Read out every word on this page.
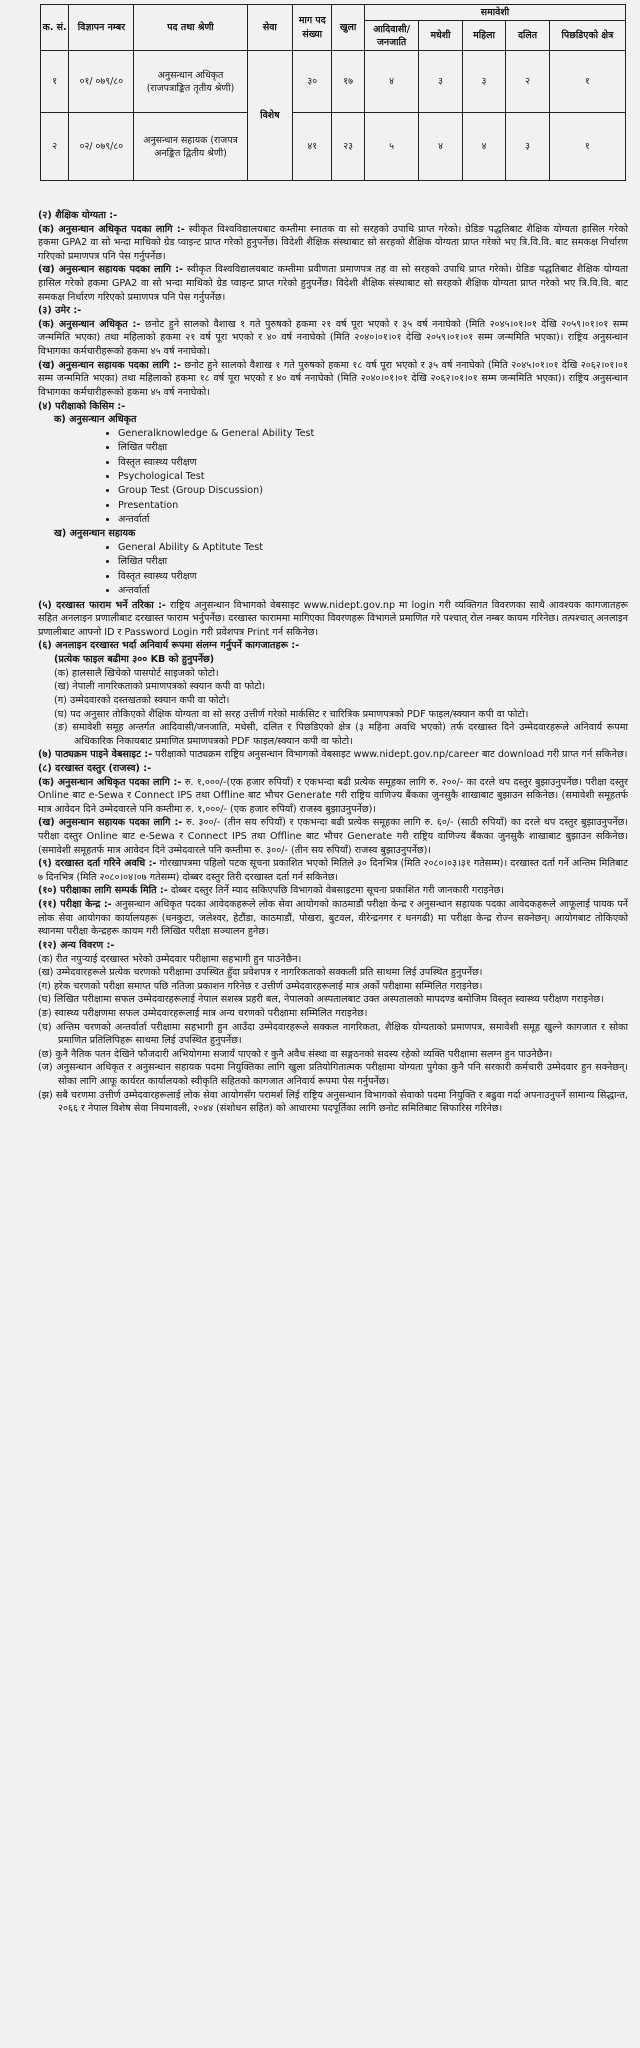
क. सं.	विज्ञापन नम्बर	पद तथा श्रेणी	सेवा	माग पद संख्या	खुला	समावेशी				
						आदिवासी/ जनजाति	मधेशी	महिला	दलित	पिछडिएको क्षेत्र
१	०१/ ०७९/८०	अनुसन्धान अधिकृत (राजपत्राङ्कित तृतीय श्रेणी)	विशेष	३०	१७	४	३	३	२	१
२	०२/ ०७९/८०	अनुसन्धान सहायक (राजपत्र अनङ्कित द्वितीय श्रेणी)		४१	२३	५	४	४	३	१

(२) शैक्षिक योग्यता :-

(क) अनुसन्धान अधिकृत पदका लागि :- स्वीकृत विश्वविद्यालयबाट कम्तीमा स्नातक वा सो सरहको उपाधि प्राप्त गरेको। ग्रेडिङ पद्धतिबाट शैक्षिक योग्यता हासिल गरेको हकमा GPA2 वा सो भन्दा माथिको ग्रेड प्वाइन्ट प्राप्त गरेको हुनुपर्नेछ। विदेशी शैक्षिक संस्थाबाट सो सरहको शैक्षिक योग्यता प्राप्त गरेको भए त्रि.वि.वि. बाट समकक्ष निर्धारण गरिएको प्रमाणपत्र पनि पेस गर्नुपर्नेछ।

(ख) अनुसन्धान सहायक पदका लागि :- स्वीकृत विश्वविद्यालयबाट कम्तीमा प्रवीणता प्रमाणपत्र तह वा सो सरहको उपाधि प्राप्त गरेको। ग्रेडिङ पद्धतिबाट शैक्षिक योग्यता हासिल गरेको हकमा GPA2 वा सो भन्दा माथिको ग्रेड प्वाइन्ट प्राप्त गरेको हुनुपर्नेछ। विदेशी शैक्षिक संस्थाबाट सो सरहको शैक्षिक योग्यता प्राप्त गरेको भए त्रि.वि.वि. बाट समकक्ष निर्धारण गरिएको प्रमाणपत्र पनि पेस गर्नुपर्नेछ।

(३) उमेर :-

(क) अनुसन्धान अधिकृत :- छनोट हुने सालको वैशाख १ गते पुरुषको हकमा २१ वर्ष पूरा भएको र ३५ वर्ष ननाघेको (मिति २०४५।०१।०१ देखि २०५९।०१।०१ सम्म जन्ममिति भएका) तथा महिलाको हकमा २१ वर्ष पूरा भएको र ४० वर्ष ननाघेको (मिति २०४०।०१।०१ देखि २०५९।०१।०१ सम्म जन्ममिति भएका)। राष्ट्रिय अनुसन्धान विभागका कर्मचारीहरूको हकमा ४५ वर्ष ननाघेको।

(ख) अनुसन्धान सहायक पदका लागि :- छनोट हुने सालको वैशाख १ गते पुरुषको हकमा १८ वर्ष पूरा भएको र ३५ वर्ष ननाघेको (मिति २०४५।०१।०१ देखि २०६२।०१।०१ सम्म जन्ममिति भएका) तथा महिलाको हकमा १८ वर्ष पूरा भएको र ४० वर्ष ननाघेको (मिति २०४०।०१।०१ देखि २०६२।०१।०१ सम्म जन्ममिति भएका)। राष्ट्रिय अनुसन्धान विभागका कर्मचारीहरूको हकमा ४५ वर्ष ननाघेको।

(४) परीक्षाको किसिम :-

क) अनुसन्धान अधिकृत

• Generalknowledge & General Ability Test
• लिखित परीक्षा
• विस्तृत स्वास्थ्य परीक्षण
• Psychological Test
• Group Test (Group Discussion)
• Presentation
• अन्तर्वार्ता

ख) अनुसन्धान सहायक

• General Ability & Aptitute Test
• लिखित परीक्षा
• विस्तृत स्वास्थ्य परीक्षण
• अन्तर्वार्ता

(५) दरखास्त फाराम भर्ने तरिका :- राष्ट्रिय अनुसन्धान विभागको वेबसाइट www.nidept.gov.np मा login गरी व्यक्तिगत विवरणका साथै आवश्यक कागजातहरू सहित अनलाइन प्रणालीबाट दरखास्त फाराम भर्नुपर्नेछ। दरखास्त फाराममा मागिएका विवरणहरू विभागले प्रमाणित गरे पश्चात् रोल नम्बर कायम गरिनेछ। तत्पश्चात् अनलाइन प्रणालीबाट आफ्नो ID र Password Login गरी प्रवेशपत्र Print गर्न सकिनेछ।

(६) अनलाइन दरखास्त भर्दा अनिवार्य रूपमा संलग्न गर्नुपर्ने कागजातहरू :-

(प्रत्येक फाइल बढीमा ३०० KB को हुनुपर्नेछ)

(क) हालसालै खिचेको पासपोर्ट साइजको फोटो।

(ख) नेपाली नागरिकताको प्रमाणपत्रको स्क्यान कपी वा फोटो।

(ग) उम्मेदवारको दस्तखतको स्क्यान कपी वा फोटो।

(घ) पद अनुसार तोकिएको शैक्षिक योग्यता वा सो सरह उत्तीर्ण गरेको मार्कसिट र चारित्रिक प्रमाणपत्रको PDF फाइल/स्क्यान कपी वा फोटो।

(ङ) समावेशी समूह अन्तर्गत आदिवासी/जनजाति, मधेसी, दलित र पिछडिएको क्षेत्र (३ महिना अवधि भएको) तर्फ दरखास्त दिने उम्मेदवारहरूले अनिवार्य रूपमा अधिकारिक निकायबाट प्रमाणित प्रमाणपत्रको PDF फाइल/स्क्यान कपी वा फोटो।

(७) पाठ्यक्रम पाइने वेबसाइट :- परीक्षाको पाठ्यक्रम राष्ट्रिय अनुसन्धान विभागको वेबसाइट www.nidept.gov.np/career बाट download गरी प्राप्त गर्न सकिनेछ।

(८) दरखास्त दस्तुर (राजस्व) :-

(क) अनुसन्धान अधिकृत पदका लागि :- रु. १,०००/-(एक हजार रुपियाँ) र एकभन्दा बढी प्रत्येक समूहका लागि रु. २००/- का दरले थप दस्तुर बुझाउनुपर्नेछ। परीक्षा दस्तुर Online बाट e-Sewa र Connect IPS तथा Offline बाट भौचर Generate गरी राष्ट्रिय वाणिज्य बैंकका जुनसुकै शाखाबाट बुझाउन सकिनेछ। (समावेशी समूहतर्फ मात्र आवेदन दिने उम्मेदवारले पनि कम्तीमा रु. १,०००/- (एक हजार रुपियाँ) राजस्व बुझाउनुपर्नेछ)।

(ख) अनुसन्धान सहायक पदका लागि :- रु. ३००/- (तीन सय रुपियाँ) र एकभन्दा बढी प्रत्येक समूहका लागि रु. ६०/- (साठी रुपियाँ) का दरले थप दस्तुर बुझाउनुपर्नेछ। परीक्षा दस्तुर Online बाट e-Sewa र Connect IPS तथा Offline बाट भौचर Generate गरी राष्ट्रिय वाणिज्य बैंकका जुनसुकै शाखाबाट बुझाउन सकिनेछ। (समावेशी समूहतर्फ मात्र आवेदन दिने उम्मेदवारले पनि कम्तीमा रु. ३००/- (तीन सय रुपियाँ) राजस्व बुझाउनुपर्नेछ)।

(९) दरखास्त दर्ता गरिने अवधि :- गोरखापत्रमा पहिलो पटक सूचना प्रकाशित भएको मितिले ३० दिनभित्र (मिति २०८०।०३।३१ गतेसम्म)। दरखास्त दर्ता गर्ने अन्तिम मितिबाट ७ दिनभित्र (मिति २०८०।०४।०७ गतेसम्म) दोब्बर दस्तुर तिरी दरखास्त दर्ता गर्न सकिनेछ।

(१०) परीक्षाका लागि सम्पर्क मिति :- दोब्बर दस्तुर तिर्ने म्याद सकिएपछि विभागको वेबसाइटमा सूचना प्रकाशित गरी जानकारी गराइनेछ।

(११) परीक्षा केन्द्र :- अनुसन्धान अधिकृत पदका आवेदकहरूले लोक सेवा आयोगको काठमाडौं परीक्षा केन्द्र र अनुसन्धान सहायक पदका आवेदकहरूले आफूलाई पायक पर्ने लोक सेवा आयोगका कार्यालयहरू (धनकुटा, जलेश्वर, हेटौंडा, काठमाडौं, पोखरा, बुटवल, वीरेन्द्रनगर र धनगढी) मा परीक्षा केन्द्र रोज्न सक्नेछन्। आयोगबाट तोकिएको स्थानमा परीक्षा केन्द्रहरू कायम गरी लिखित परीक्षा सञ्चालन हुनेछ।

(१२) अन्य विवरण :-

(क) रीत नपुऱ्याई दरखास्त भरेको उम्मेदवार परीक्षामा सहभागी हुन पाउनेछैन।

(ख) उम्मेदवारहरूले प्रत्येक चरणको परीक्षामा उपस्थित हुँदा प्रवेशपत्र र नागरिकताको सक्कली प्रति साथमा लिई उपस्थित हुनुपर्नेछ।

(ग) हरेक चरणको परीक्षा समाप्त पछि नतिजा प्रकाशन गरिनेछ र उत्तीर्ण उम्मेदवारहरूलाई मात्र अर्को परीक्षामा सम्मिलित गराइनेछ।

(घ) लिखित परीक्षामा सफल उम्मेदवारहरूलाई नेपाल सशस्त्र प्रहरी बल, नेपालको अस्पतालबाट उक्त अस्पतालको मापदण्ड बमोजिम विस्तृत स्वास्थ्य परीक्षण गराइनेछ।

(ङ) स्वास्थ्य परीक्षणमा सफल उम्मेदवारहरूलाई मात्र अन्य चरणको परीक्षामा सम्मिलित गराइनेछ।

(च) अन्तिम चरणको अन्तर्वार्ता परीक्षामा सहभागी हुन आउँदा उम्मेदवारहरूले सक्कल नागरिकता, शैक्षिक योग्यताको प्रमाणपत्र, समावेशी समूह खुल्ने कागजात र सोका प्रमाणित प्रतिलिपिहरू साथमा लिई उपस्थित हुनुपर्नेछ।

(छ) कुनै नैतिक पतन देखिने फौजदारी अभियोगमा सजायँ पाएको र कुनै अवैध संस्था वा सङ्गठनको सदस्य रहेको व्यक्ति परीक्षामा सलग्न हुन पाउनेछैन।

(ज) अनुसन्धान अधिकृत र अनुसन्धान सहायक पदमा नियुक्तिका लागि खुला प्रतियोगितात्मक परीक्षामा योग्यता पुगेका कुनै पनि सरकारी कर्मचारी उम्मेदवार हुन सक्नेछन्। सोका लागि आफू कार्यरत कार्यालयको स्वीकृति सहितको कागजात अनिवार्य रूपमा पेस गर्नुपर्नेछ।

(झ) सबै चरणमा उत्तीर्ण उम्मेदवारहरूलाई लोक सेवा आयोगसँग परामर्श लिई राष्ट्रिय अनुसन्धान विभागको सेवाको पदमा नियुक्ति र बढुवा गर्दा अपनाउनुपर्ने सामान्य सिद्धान्त, २०६६ र नेपाल विशेष सेवा नियमावली, २०४४ (संशोधन सहित) को आधारमा पदपूर्तिका लागि छनोट समितिबाट सिफारिस गरिनेछ।
